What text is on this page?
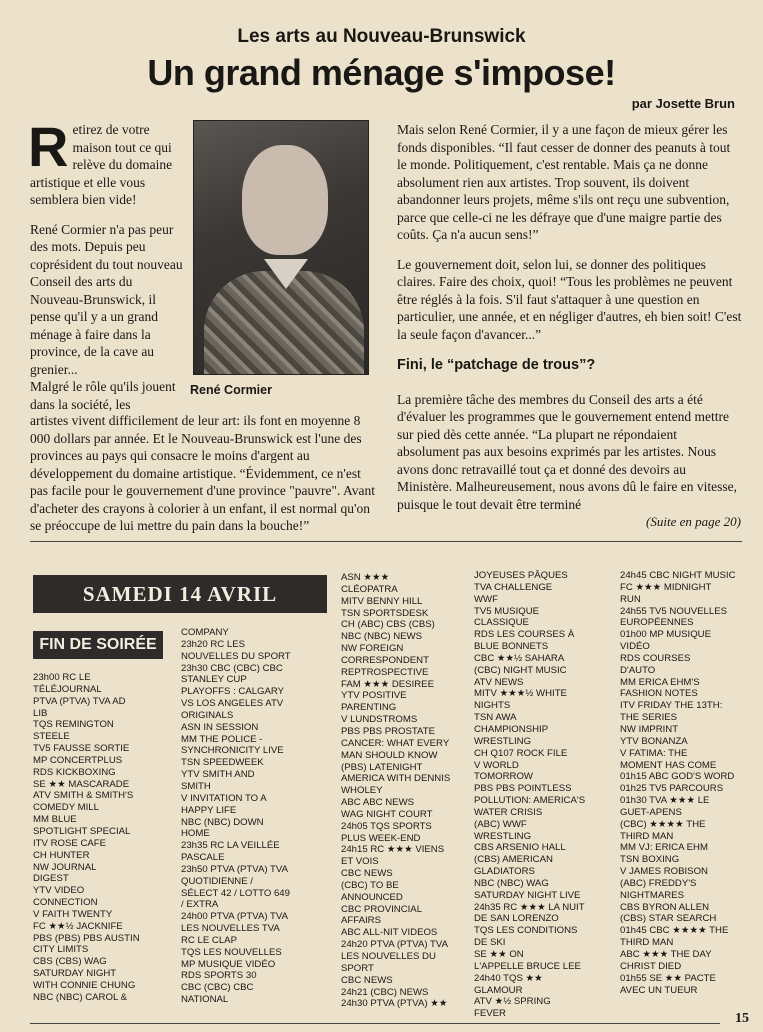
Les arts au Nouveau-Brunswick
Un grand ménage s'impose!
par Josette Brun

Retirez de votre maison tout ce qui relève du domaine artistique et elle vous semblera bien vide!

René Cormier n'a pas peur des mots. Depuis peu coprésident du tout nouveau Conseil des arts du Nouveau-Brunswick, il pense qu'il y a un grand ménage à faire dans la province, de la cave au grenier...

René Cormier
Malgré le rôle qu'ils jouent dans la société, les
artistes vivent difficilement de leur art: ils font en moyenne 8 000 dollars par année. Et le Nouveau-Brunswick est l'une des provinces au pays qui consacre le moins d'argent au développement du domaine artistique. “Évidemment, ce n'est pas facile pour le gouvernement d'une province "pauvre". Avant d'acheter des crayons à colorier à un enfant, il est normal qu'on se préoccupe de lui mettre du pain dans la bouche!”

Mais selon René Cormier, il y a une façon de mieux gérer les fonds disponibles. “Il faut cesser de donner des peanuts à tout le monde. Politiquement, c'est rentable. Mais ça ne donne absolument rien aux artistes. Trop souvent, ils doivent abandonner leurs projets, même s'ils ont reçu une subvention, parce que celle-ci ne les défraye que d'une maigre partie des coûts. Ça n'a aucun sens!”

Le gouvernement doit, selon lui, se donner des politiques claires. Faire des choix, quoi! “Tous les problèmes ne peuvent être réglés à la fois. S'il faut s'attaquer à une question en particulier, une année, et en négliger d'autres, eh bien soit! C'est la seule façon d'avancer...”

Fini, le “patchage de trous”?

La première tâche des membres du Conseil des arts a été d'évaluer les programmes que le gouvernement entend mettre sur pied dès cette année. “La plupart ne répondaient absolument pas aux besoins exprimés par les artistes. Nous avons donc retravaillé tout ça et donné des devoirs au Ministère. Malheureusement, nous avons dû le faire en vitesse, puisque le tout devait être terminé

(Suite en page 20)
SAMEDI 14 AVRIL
FIN DE SOIRÉE
23h00 RC LE
TÉLÉJOURNAL
PTVA (PTVA) TVA AD
LIB
TQS REMINGTON
STEELE
TV5 FAUSSE SORTIE
MP CONCERTPLUS
RDS KICKBOXING
SE ★★ MASCARADE
ATV SMITH & SMITH'S
COMEDY MILL
MM BLUE
SPOTLIGHT SPECIAL
ITV ROSE CAFE
CH HUNTER
NW JOURNAL
DIGEST
YTV VIDEO
CONNECTION
V FAITH TWENTY
FC ★★½ JACKNIFE
PBS (PBS) PBS AUSTIN
CITY LIMITS
CBS (CBS) WAG
SATURDAY NIGHT
WITH CONNIE CHUNG
NBC (NBC) CAROL &
COMPANY
23h20 RC LES
NOUVELLES DU SPORT
23h30 CBC (CBC) CBC
STANLEY CUP
PLAYOFFS : CALGARY
VS LOS ANGELES ATV
ORIGINALS
ASN IN SESSION
MM THE POLICE -
SYNCHRONICITY LIVE
TSN SPEEDWEEK
YTV SMITH AND
SMITH
V INVITATION TO A
HAPPY LIFE
NBC (NBC) DOWN
HOME
23h35 RC LA VEILLÉE
PASCALE
23h50 PTVA (PTVA) TVA
QUOTIDIENNE /
SÉLECT 42 / LOTTO 649
/ EXTRA
24h00 PTVA (PTVA) TVA
LES NOUVELLES TVA
RC LE CLAP
TQS LES NOUVELLES
MP MUSIQUE VIDÉO
RDS SPORTS 30
CBC (CBC) CBC
NATIONAL
ASN ★★★
CLÉOPATRA
MITV BENNY HILL
TSN SPORTSDESK
CH (ABC) CBS (CBS)
NBC (NBC) NEWS
NW FOREIGN
CORRESPONDENT
REPTROSPECTIVE
FAM ★★★ DESIREE
YTV POSITIVE
PARENTING
V LUNDSTROMS
PBS PBS PROSTATE
CANCER: WHAT EVERY
MAN SHOULD KNOW
(PBS) LATENIGHT
AMERICA WITH DENNIS
WHOLEY
ABC ABC NEWS
WAG NIGHT COURT
24h05 TQS SPORTS
PLUS WEEK-END
24h15 RC ★★★ VIENS
ET VOIS
CBC NEWS
(CBC) TO BE
ANNOUNCED
CBC PROVINCIAL
AFFAIRS
ABC ALL-NIT VIDEOS
24h20 PTVA (PTVA) TVA
LES NOUVELLES DU
SPORT
CBC NEWS
24h21 (CBC) NEWS
24h30 PTVA (PTVA) ★★
JOYEUSES PÂQUES
TVA CHALLENGE
WWF
TV5 MUSIQUE
CLASSIQUE
RDS LES COURSES À
BLUE BONNETS
CBC ★★½ SAHARA
(CBC) NIGHT MUSIC
ATV NEWS
MITV ★★★½ WHITE
NIGHTS
TSN AWA
CHAMPIONSHIP
WRESTLING
CH Q107 ROCK FILE
V WORLD
TOMORROW
PBS PBS POINTLESS
POLLUTION: AMERICA'S
WATER CRISIS
(ABC) WWF
WRESTLING
CBS ARSENIO HALL
(CBS) AMERICAN
GLADIATORS
NBC (NBC) WAG
SATURDAY NIGHT LIVE
24h35 RC ★★★ LA NUIT
DE SAN LORENZO
TQS LES CONDITIONS
DE SKI
SE ★★ ON
L'APPELLE BRUCE LEE
24h40 TQS ★★
GLAMOUR
ATV ★½ SPRING
FEVER
24h45 CBC NIGHT MUSIC
FC ★★★ MIDNIGHT
RUN
24h55 TV5 NOUVELLES
EUROPÉENNES
01h00 MP MUSIQUE
VIDÉO
RDS COURSES
D'AUTO
MM ERICA EHM'S
FASHION NOTES
ITV FRIDAY THE 13TH:
THE SERIES
NW IMPRINT
YTV BONANZA
V FATIMA: THE
MOMENT HAS COME
01h15 ABC GOD'S WORD
01h25 TV5 PARCOURS
01h30 TVA ★★★ LE
GUET-APENS
(CBC) ★★★★ THE
THIRD MAN
MM VJ: ERICA EHM
TSN BOXING
V JAMES ROBISON
(ABC) FREDDY'S
NIGHTMARES
CBS BYRON ALLEN
(CBS) STAR SEARCH
01h45 CBC ★★★★ THE
THIRD MAN
ABC ★★★ THE DAY
CHRIST DIED
01h55 SE ★★ PACTE
AVEC UN TUEUR
15
